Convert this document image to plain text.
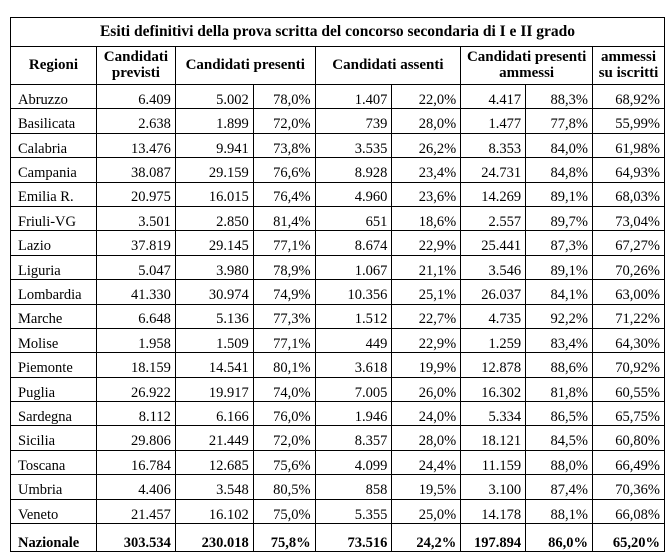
Esiti definitivi della prova scritta del concorso secondaria di I e II grado								
Regioni	Candidati previsti	Candidati presenti		Candidati assenti		Candidati presenti ammessi		ammessi su iscritti
Abruzzo	6.409	5.002	78,0%	1.407	22,0%	4.417	88,3%	68,92%
Basilicata	2.638	1.899	72,0%	739	28,0%	1.477	77,8%	55,99%
Calabria	13.476	9.941	73,8%	3.535	26,2%	8.353	84,0%	61,98%
Campania	38.087	29.159	76,6%	8.928	23,4%	24.731	84,8%	64,93%
Emilia R.	20.975	16.015	76,4%	4.960	23,6%	14.269	89,1%	68,03%
Friuli-VG	3.501	2.850	81,4%	651	18,6%	2.557	89,7%	73,04%
Lazio	37.819	29.145	77,1%	8.674	22,9%	25.441	87,3%	67,27%
Liguria	5.047	3.980	78,9%	1.067	21,1%	3.546	89,1%	70,26%
Lombardia	41.330	30.974	74,9%	10.356	25,1%	26.037	84,1%	63,00%
Marche	6.648	5.136	77,3%	1.512	22,7%	4.735	92,2%	71,22%
Molise	1.958	1.509	77,1%	449	22,9%	1.259	83,4%	64,30%
Piemonte	18.159	14.541	80,1%	3.618	19,9%	12.878	88,6%	70,92%
Puglia	26.922	19.917	74,0%	7.005	26,0%	16.302	81,8%	60,55%
Sardegna	8.112	6.166	76,0%	1.946	24,0%	5.334	86,5%	65,75%
Sicilia	29.806	21.449	72,0%	8.357	28,0%	18.121	84,5%	60,80%
Toscana	16.784	12.685	75,6%	4.099	24,4%	11.159	88,0%	66,49%
Umbria	4.406	3.548	80,5%	858	19,5%	3.100	87,4%	70,36%
Veneto	21.457	16.102	75,0%	5.355	25,0%	14.178	88,1%	66,08%
Nazionale	303.534	230.018	75,8%	73.516	24,2%	197.894	86,0%	65,20%
